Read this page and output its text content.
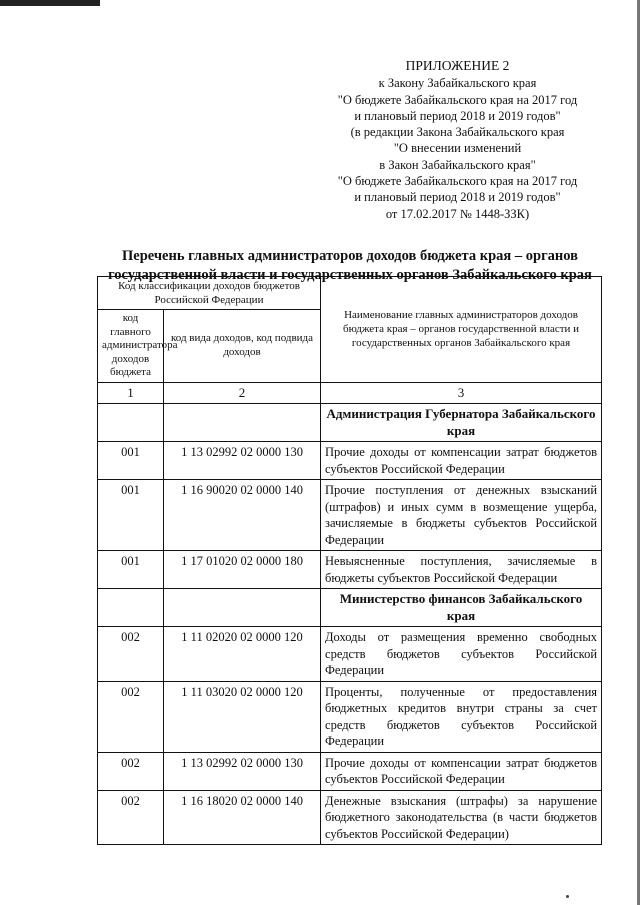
ПРИЛОЖЕНИЕ 2
к Закону Забайкальского края
"О бюджете Забайкальского края на 2017 год
и плановый период 2018 и 2019 годов"
(в редакции Закона Забайкальского края
"О внесении изменений
в Закон Забайкальского края"
"О бюджете Забайкальского края на 2017 год
и плановый период 2018 и 2019 годов"
от 17.02.2017 № 1448-ЗЗК)
Перечень главных администраторов доходов бюджета края – органов
государственной власти и государственных органов Забайкальского края
Код классификации доходов бюджетов Российской Федерации		Наименование главных администраторов доходов бюджета края – органов государственной власти и государственных органов Забайкальского края
код главного администратора доходов бюджета	код вида доходов, код подвида доходов	
1	2	3
		Администрация Губернатора Забайкальского края
001	1 13 02992 02 0000 130	Прочие доходы от компенсации затрат бюджетов субъектов Российской Федерации
001	1 16 90020 02 0000 140	Прочие поступления от денежных взысканий (штрафов) и иных сумм в возмещение ущерба, зачисляемые в бюджеты субъектов Российской Федерации
001	1 17 01020 02 0000 180	Невыясненные поступления, зачисляемые в бюджеты субъектов Российской Федерации
		Министерство финансов Забайкальского края
002	1 11 02020 02 0000 120	Доходы от размещения временно свободных средств бюджетов субъектов Российской Федерации
002	1 11 03020 02 0000 120	Проценты, полученные от предоставления бюджетных кредитов внутри страны за счет средств бюджетов субъектов Российской Федерации
002	1 13 02992 02 0000 130	Прочие доходы от компенсации затрат бюджетов субъектов Российской Федерации
002	1 16 18020 02 0000 140	Денежные взыскания (штрафы) за нарушение бюджетного законодательства (в части бюджетов субъектов Российской Федерации)
